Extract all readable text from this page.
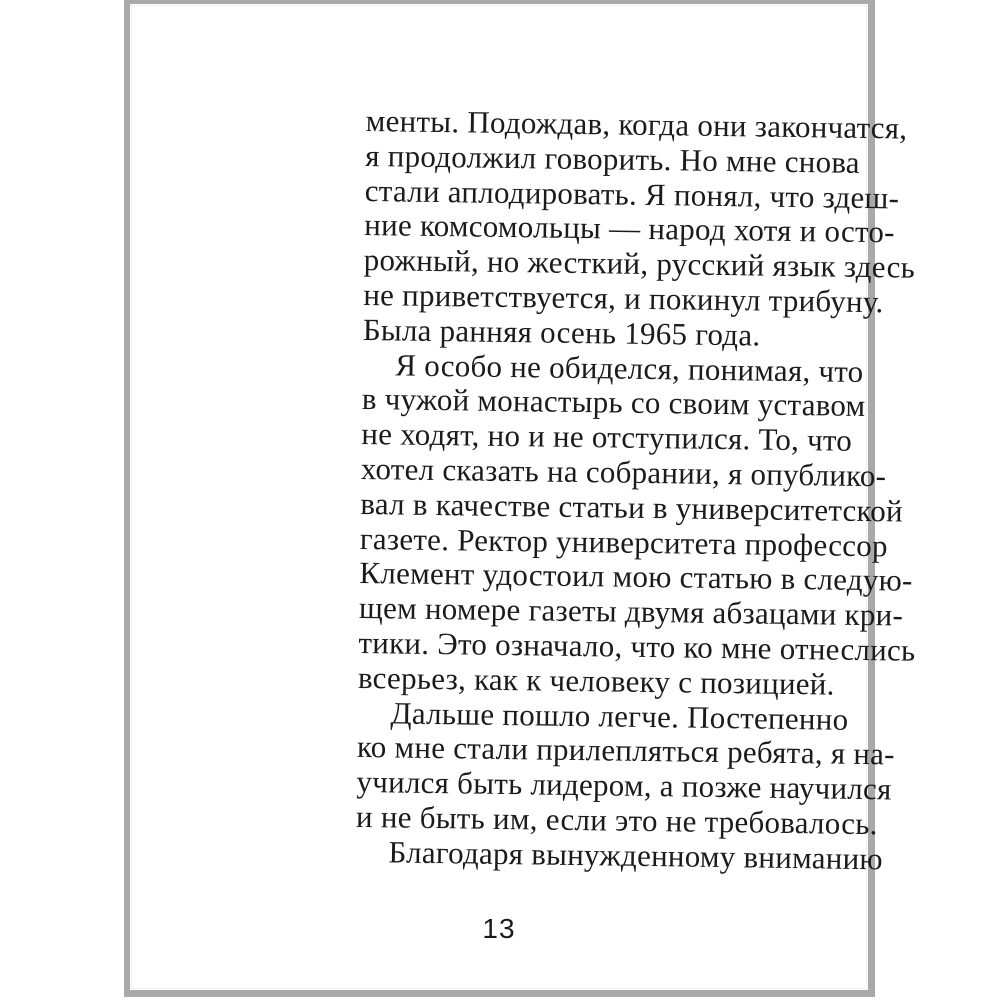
менты. Подождав, когда они закончатся,
я продолжил говорить. Но мне снова
стали аплодировать. Я понял, что здеш-
ние комсомольцы — народ хотя и осто-
рожный, но жесткий, русский язык здесь
не приветствуется, и покинул трибуну.
Была ранняя осень 1965 года.
Я особо не обиделся, понимая, что
в чужой монастырь со своим уставом
не ходят, но и не отступился. То, что
хотел сказать на собрании, я опублико-
вал в качестве статьи в университетской
газете. Ректор университета профессор
Клемент удостоил мою статью в следую-
щем номере газеты двумя абзацами кри-
тики. Это означало, что ко мне отнеслись
всерьез, как к человеку с позицией.
Дальше пошло легче. Постепенно
ко мне стали прилепляться ребята, я на-
учился быть лидером, а позже научился
и не быть им, если это не требовалось.
Благодаря вынужденному вниманию
13
